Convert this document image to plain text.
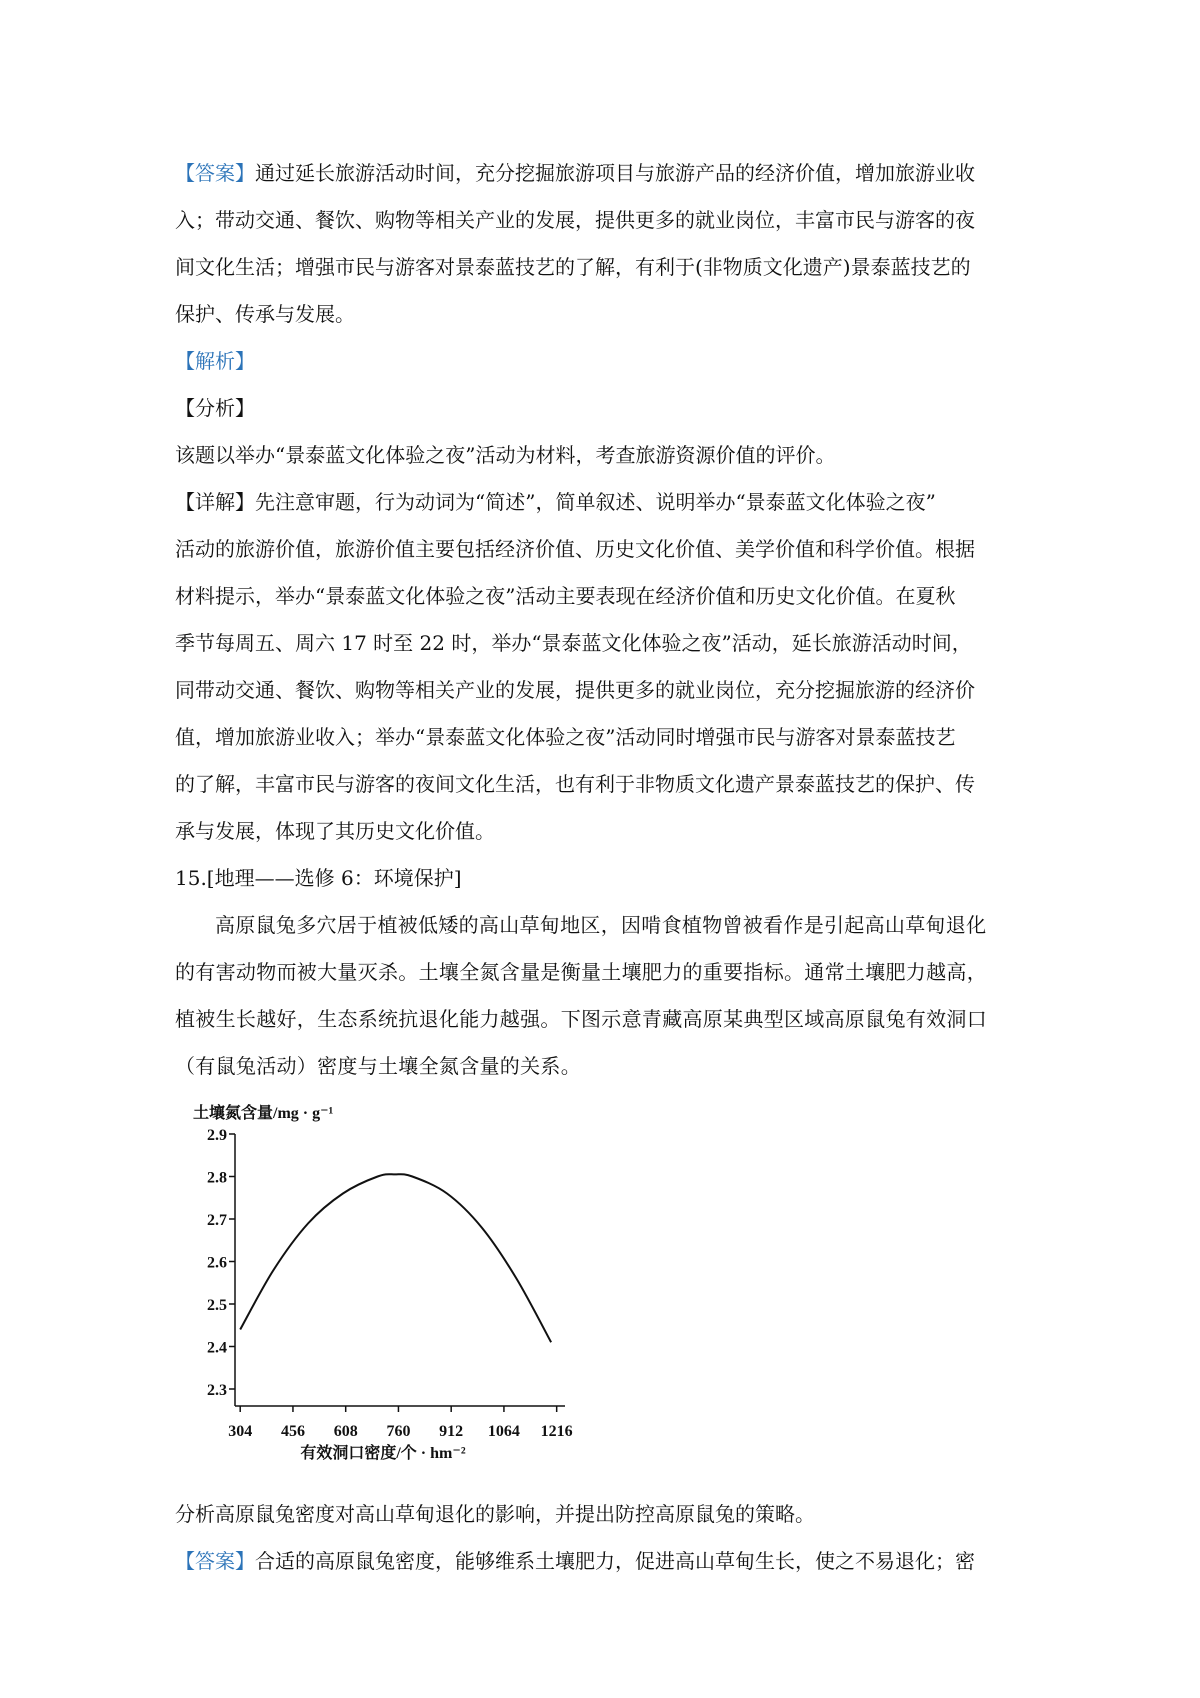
【答案】通过延长旅游活动时间，充分挖掘旅游项目与旅游产品的经济价值，增加旅游业收

入；带动交通、餐饮、购物等相关产业的发展，提供更多的就业岗位，丰富市民与游客的夜

间文化生活；增强市民与游客对景泰蓝技艺的了解，有利于(非物质文化遗产)景泰蓝技艺的

保护、传承与发展。

【解析】

【分析】

该题以举办“景泰蓝文化体验之夜”活动为材料，考查旅游资源价值的评价。

【详解】先注意审题，行为动词为“简述”，简单叙述、说明举办“景泰蓝文化体验之夜”

活动的旅游价值，旅游价值主要包括经济价值、历史文化价值、美学价值和科学价值。根据

材料提示，举办“景泰蓝文化体验之夜”活动主要表现在经济价值和历史文化价值。在夏秋

季节每周五、周六 17 时至 22 时，举办“景泰蓝文化体验之夜”活动，延长旅游活动时间，

同带动交通、餐饮、购物等相关产业的发展，提供更多的就业岗位，充分挖掘旅游的经济价

值，增加旅游业收入；举办“景泰蓝文化体验之夜”活动同时增强市民与游客对景泰蓝技艺

的了解，丰富市民与游客的夜间文化生活，也有利于非物质文化遗产景泰蓝技艺的保护、传

承与发展，体现了其历史文化价值。

15.[地理——选修 6：环境保护]

高原鼠兔多穴居于植被低矮的高山草甸地区，因啃食植物曾被看作是引起高山草甸退化

的有害动物而被大量灭杀。土壤全氮含量是衡量土壤肥力的重要指标。通常土壤肥力越高，

植被生长越好，生态系统抗退化能力越强。下图示意青藏高原某典型区域高原鼠兔有效洞口

（有鼠兔活动）密度与土壤全氮含量的关系。

土壤氮含量/mg · g⁻¹
有效洞口密度/个 · hm⁻²
2.3
2.4
2.5
2.6
2.7
2.8
2.9
304 456 608 760 912 1064 1216

分析高原鼠兔密度对高山草甸退化的影响，并提出防控高原鼠兔的策略。

【答案】合适的高原鼠兔密度，能够维系土壤肥力，促进高山草甸生长，使之不易退化；密
